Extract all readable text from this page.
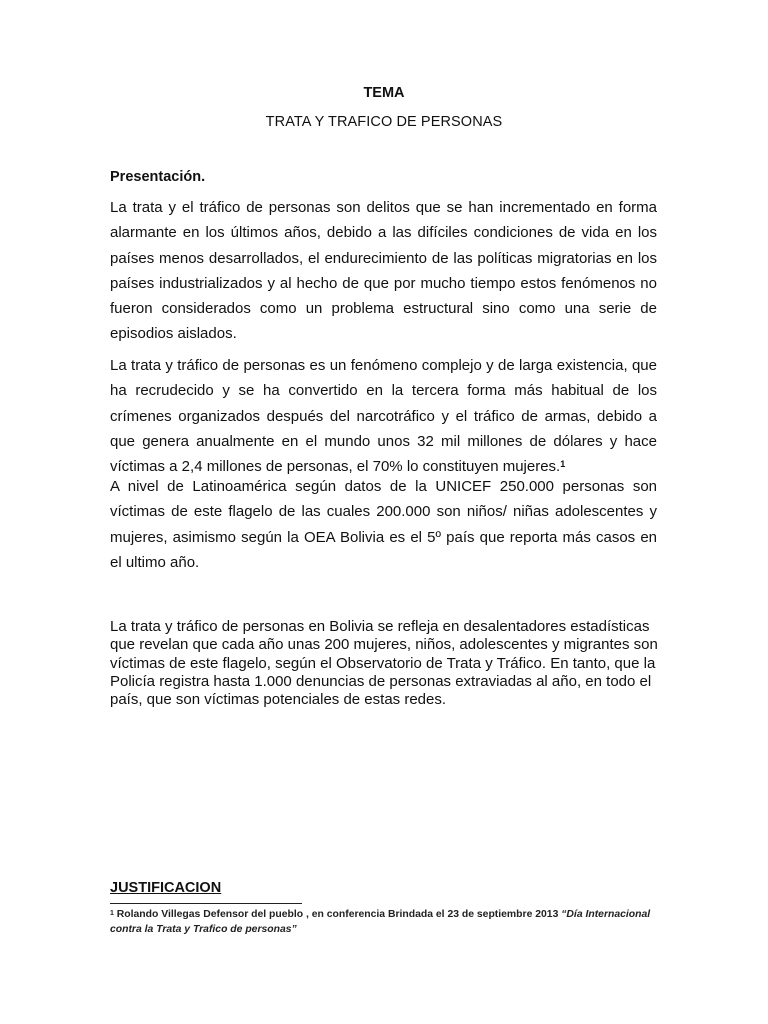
TEMA
TRATA Y TRAFICO DE PERSONAS
Presentación.

La trata y el tráfico de personas son delitos que se han incrementado en forma alarmante en los últimos años, debido a las difíciles condiciones de vida en los países menos desarrollados, el endurecimiento de las políticas migratorias en los países industrializados y al hecho de que por mucho tiempo estos fenómenos no fueron considerados como un problema estructural sino como una serie de episodios aislados.

La trata y tráfico de personas es un fenómeno complejo y de larga existencia, que ha recrudecido y se ha convertido en la tercera forma más habitual de los crímenes organizados después del narcotráfico y el tráfico de armas, debido a que genera anualmente en el mundo unos 32 mil millones de dólares y hace víctimas a 2,4 millones de personas, el 70% lo constituyen mujeres.$^1$

A nivel de Latinoamérica según datos de la UNICEF 250.000 personas son víctimas de este flagelo de las cuales 200.000 son niños/ niñas adolescentes y mujeres, asimismo según la OEA Bolivia es el 5º país que reporta más casos en el ultimo año.

La trata y tráfico de personas en Bolivia se refleja en desalentadores estadísticas que revelan que cada año unas 200 mujeres, niños, adolescentes y migrantes son víctimas de este flagelo, según el Observatorio de Trata y Tráfico. En tanto, que la Policía registra hasta 1.000 denuncias de personas extraviadas al año, en todo el país, que son víctimas potenciales de estas redes.

JUSTIFICACION

$^1$ Rolando Villegas Defensor del pueblo , en conferencia Brindada el 23 de septiembre 2013 “Día Internacional contra la Trata y Trafico de personas”
